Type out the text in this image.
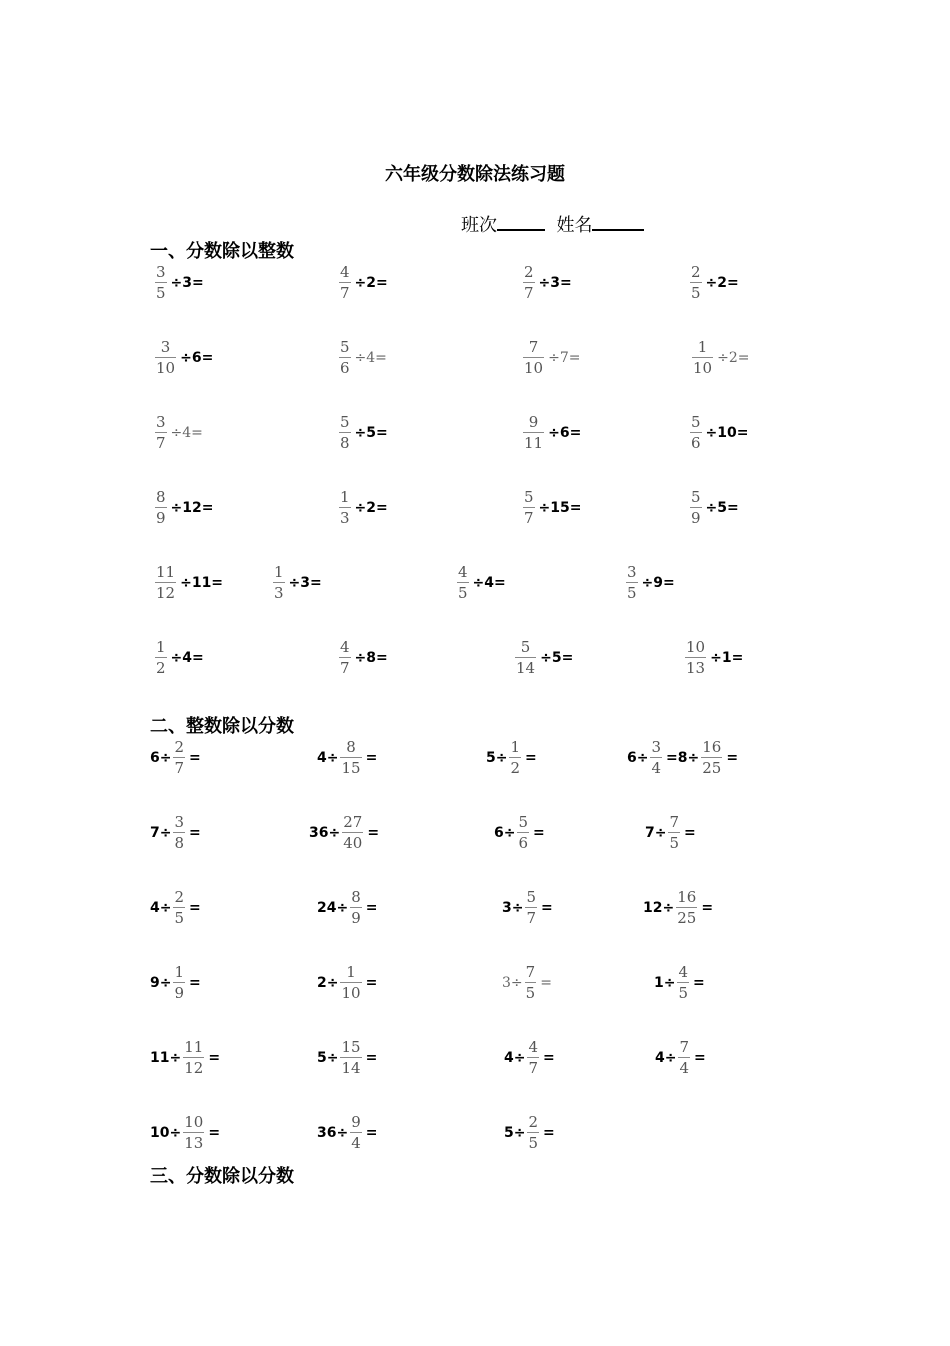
六年级分数除法练习题
班次	姓名
一、分数除以整数
二、整数除以分数
三、分数除以分数
$\frac{3}{5} \div 3=$	$\frac{4}{7} \div 2=$	$\frac{2}{7} \div 3=$	$\frac{2}{5} \div 2=$
$\frac{3}{10} \div 6=$	$\frac{5}{6} \div 4=$	$\frac{7}{10} \div 7=$	$\frac{1}{10} \div 2=$
$\frac{3}{7} \div 4=$	$\frac{5}{8} \div 5=$	$\frac{9}{11} \div 6=$	$\frac{5}{6} \div 10=$
$\frac{8}{9} \div 12=$	$\frac{1}{3} \div 2=$	$\frac{5}{7} \div 15=$	$\frac{5}{9} \div 5=$
$\frac{11}{12} \div 11=$	$\frac{1}{3} \div 3=$	$\frac{4}{5} \div 4=$	$\frac{3}{5} \div 9=$
$\frac{1}{2} \div 4=$	$\frac{4}{7} \div 8=$	$\frac{5}{14} \div 5=$	$\frac{10}{13} \div 1=$
$6\div \frac{2}{7}$ =	$4\div \frac{8}{15}$ =	$5\div \frac{1}{2}$ =	$6\div \frac{3}{4} =8\div \frac{16}{25}$ =
$7\div \frac{3}{8}$ =	$36\div \frac{27}{40}$ =	$6\div \frac{5}{6}$ =	$7\div \frac{7}{5}$ =
$4\div \frac{2}{5}$ =	$24\div \frac{8}{9}$ =	$3\div \frac{5}{7}$ =	$12\div \frac{16}{25}$ =
$9\div \frac{1}{9}$ =	$2\div \frac{1}{10}$ =	$3\div \frac{7}{5}$ =	$1\div \frac{4}{5}$ =
$11\div \frac{11}{12}$ =	$5\div \frac{15}{14}$ =	$4\div \frac{4}{7}$ =	$4\div \frac{7}{4}$ =
$10\div \frac{10}{13}$ =	$36\div \frac{9}{4}$ =	$5\div \frac{2}{5}$ =
